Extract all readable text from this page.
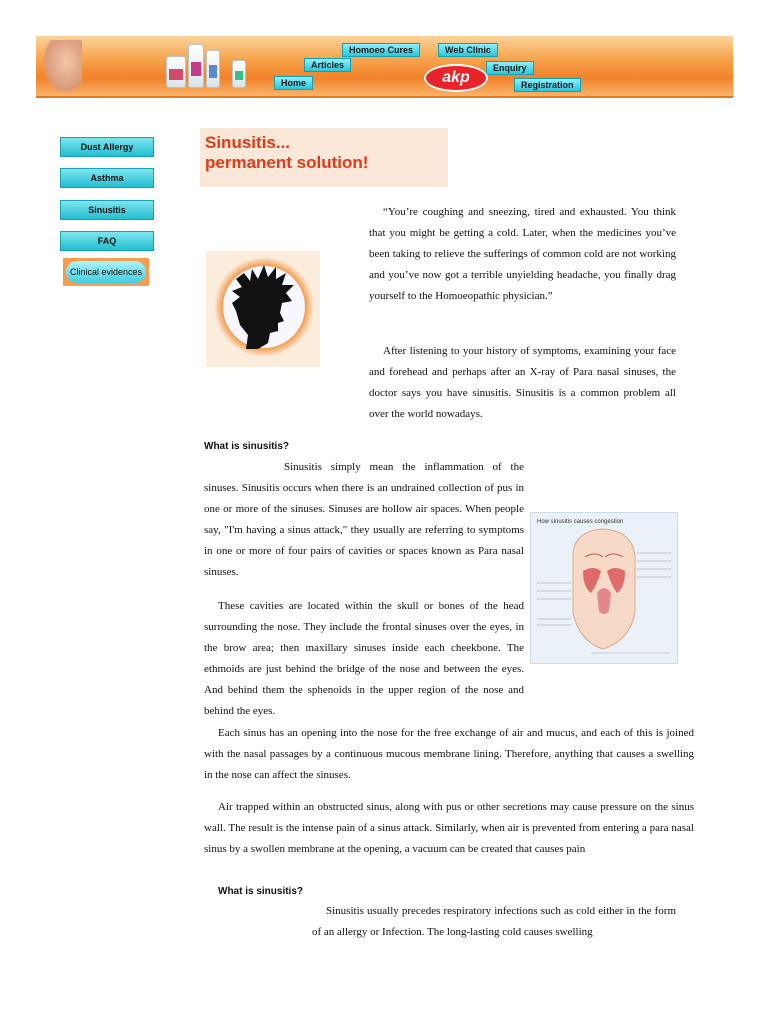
Homoeo Cures	Web Clinic
Articles	Enquiry
Home	Registration
akp
Dust Allergy
Asthma
Sinusitis
FAQ
Clinical evidences
Sinusitis...
permanent solution!
“You’re coughing and sneezing, tired and exhausted. You think that you might be getting a cold. Later, when the medicines you’ve been taking to relieve the sufferings of common cold are not working and you’ve now got a terrible unyielding headache, you finally drag yourself to the Homoeopathic physician.”
After listening to your history of symptoms, examining your face and forehead and perhaps after an X-ray of Para nasal sinuses, the doctor says you have sinusitis. Sinusitis is a common problem all over the world nowadays.
What is sinusitis?
Sinusitis simply mean the inflammation of the sinuses. Sinusitis occurs when there is an undrained collection of pus in one or more of the sinuses. Sinuses are hollow air spaces. When people say, "I'm having a sinus attack," they usually are referring to symptoms in one or more of four pairs of cavities or spaces known as Para nasal sinuses.
These cavities are located within the skull or bones of the head surrounding the nose. They include the frontal sinuses over the eyes, in the brow area; then maxillary sinuses inside each cheekbone. The ethmoids are just behind the bridge of the nose and between the eyes. And behind them the sphenoids in the upper region of the nose and behind the eyes.
Each sinus has an opening into the nose for the free exchange of air and mucus, and each of this is joined with the nasal passages by a continuous mucous membrane lining. Therefore, anything that causes a swelling in the nose can affect the sinuses.
Air trapped within an obstructed sinus, along with pus or other secretions may cause pressure on the sinus wall. The result is the intense pain of a sinus attack. Similarly, when air is prevented from entering a para nasal sinus by a swollen membrane at the opening, a vacuum can be created that causes pain
What is sinusitis?
Sinusitis usually precedes respiratory infections such as cold either in the form of an allergy or Infection. The long-lasting cold causes swelling
How sinusitis causes congestion
